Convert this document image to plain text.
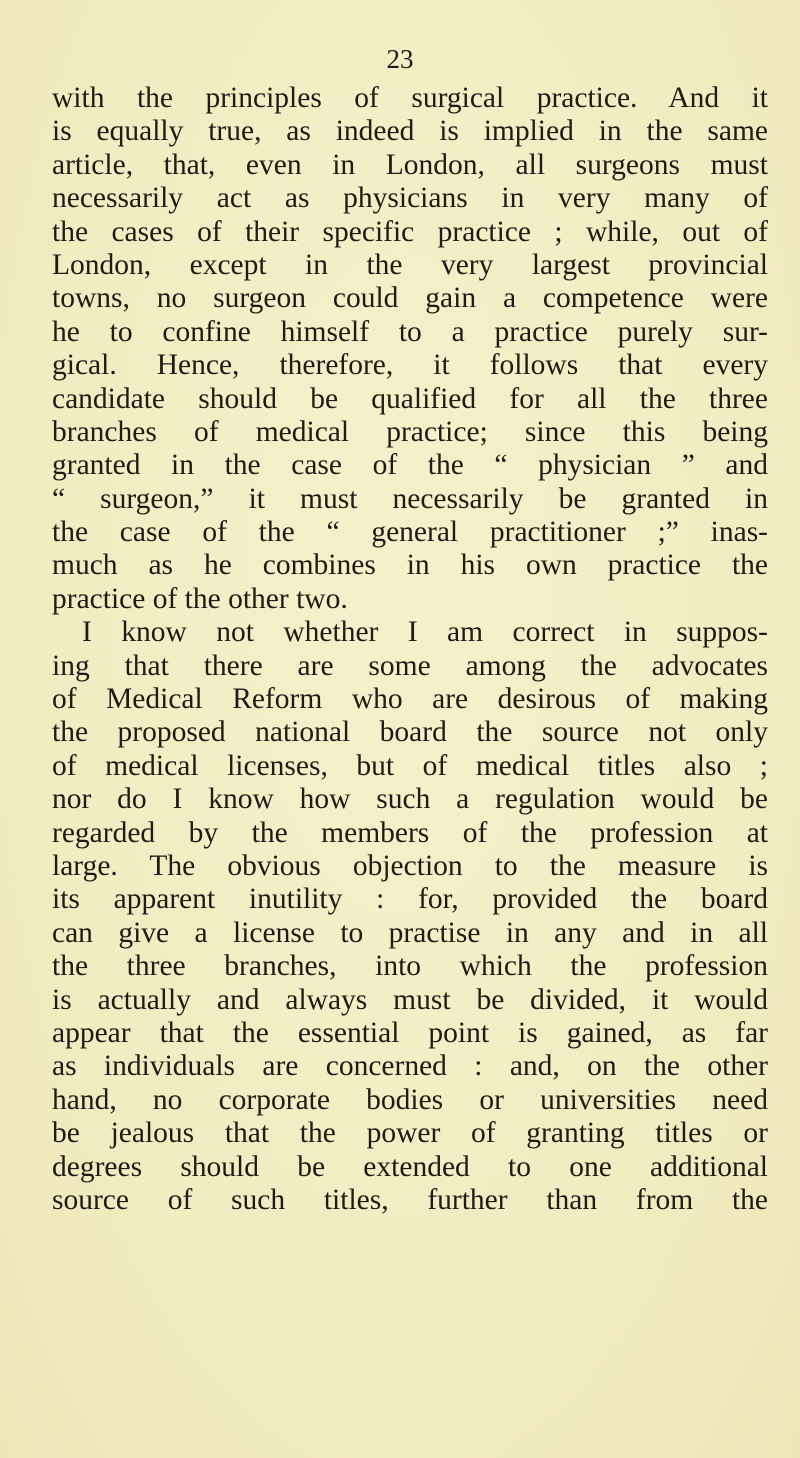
23
with the principles of surgical practice. And it
is equally true, as indeed is implied in the same
article, that, even in London, all surgeons must
necessarily act as physicians in very many of
the cases of their specific practice ; while, out of
London, except in the very largest provincial
towns, no surgeon could gain a competence were
he to confine himself to a practice purely sur-
gical. Hence, therefore, it follows that every
candidate should be qualified for all the three
branches of medical practice; since this being
granted in the case of the “ physician ” and
“ surgeon,” it must necessarily be granted in
the case of the “ general practitioner ;” inas-
much as he combines in his own practice the
practice of the other two.
I know not whether I am correct in suppos-
ing that there are some among the advocates
of Medical Reform who are desirous of making
the proposed national board the source not only
of medical licenses, but of medical titles also ;
nor do I know how such a regulation would be
regarded by the members of the profession at
large. The obvious objection to the measure is
its apparent inutility : for, provided the board
can give a license to practise in any and in all
the three branches, into which the profession
is actually and always must be divided, it would
appear that the essential point is gained, as far
as individuals are concerned : and, on the other
hand, no corporate bodies or universities need
be jealous that the power of granting titles or
degrees should be extended to one additional
source of such titles, further than from the
